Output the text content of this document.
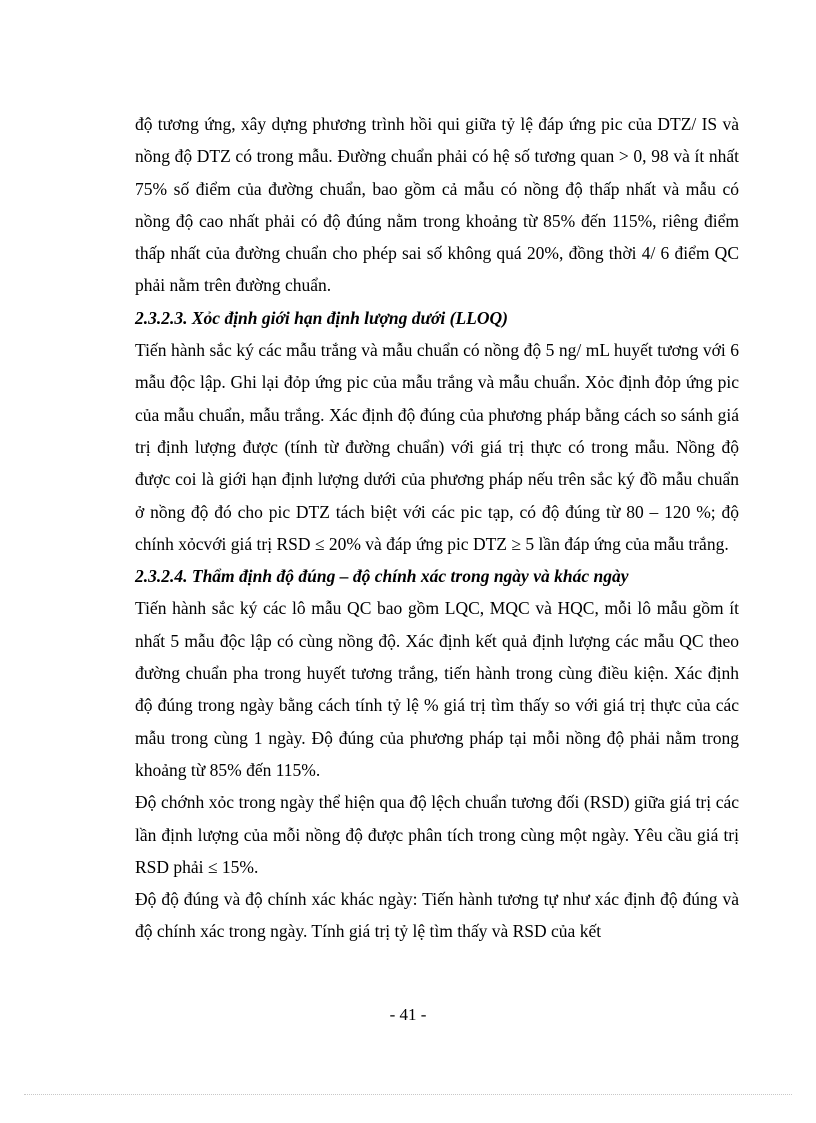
độ tương ứng, xây dựng phương trình hồi qui giữa tỷ lệ đáp ứng pic của DTZ/ IS và nồng độ DTZ có trong mẫu. Đường chuẩn phải có hệ số tương quan > 0, 98 và ít nhất 75% số điểm của đường chuẩn, bao gồm cả mẫu có nồng độ thấp nhất và mẫu có nồng độ cao nhất phải có độ đúng nằm trong khoảng từ 85% đến 115%, riêng điểm thấp nhất của đường chuẩn cho phép sai số không quá 20%, đồng thời 4/ 6 điểm QC phải nằm trên đường chuẩn.

2.3.2.3. Xỏc định giới hạn định lượng dưới (LLOQ)

Tiến hành sắc ký các mẫu trắng và mẫu chuẩn có nồng độ 5 ng/ mL huyết tương với 6 mẫu độc lập. Ghi lại đỏp ứng pic của mẫu trắng và mẫu chuẩn. Xỏc định đỏp ứng pic của mẫu chuẩn, mẫu trắng. Xác định độ đúng của phương pháp bằng cách so sánh giá trị định lượng được (tính từ đường chuẩn) với giá trị thực có trong mẫu. Nồng độ được coi là giới hạn định lượng dưới của phương pháp nếu trên sắc ký đồ mẫu chuẩn ở nồng độ đó cho pic DTZ tách biệt với các pic tạp, có độ đúng từ 80 – 120 %; độ chính xỏcvới giá trị RSD ≤ 20% và đáp ứng pic DTZ ≥ 5 lần đáp ứng của mẫu trắng.

2.3.2.4. Thẩm định độ đúng – độ chính xác trong ngày và khác ngày

Tiến hành sắc ký các lô mẫu QC bao gồm LQC, MQC và HQC, mỗi lô mẫu gồm ít nhất 5 mẫu độc lập có cùng nồng độ. Xác định kết quả định lượng các mẫu QC theo đường chuẩn pha trong huyết tương trắng, tiến hành trong cùng điều kiện. Xác định độ đúng trong ngày bằng cách tính tỷ lệ % giá trị tìm thấy so với giá trị thực của các mẫu trong cùng 1 ngày. Độ đúng của phương pháp tại mỗi nồng độ phải nằm trong khoảng từ 85% đến 115%.

Độ chớnh xỏc trong ngày thể hiện qua độ lệch chuẩn tương đối (RSD) giữa giá trị các lần định lượng của mỗi nồng độ được phân tích trong cùng một ngày. Yêu cầu giá trị RSD phải ≤ 15%.

Độ độ đúng và độ chính xác khác ngày: Tiến hành tương tự như xác định độ đúng và độ chính xác trong ngày. Tính giá trị tỷ lệ tìm thấy và RSD của kết

- 41 -
